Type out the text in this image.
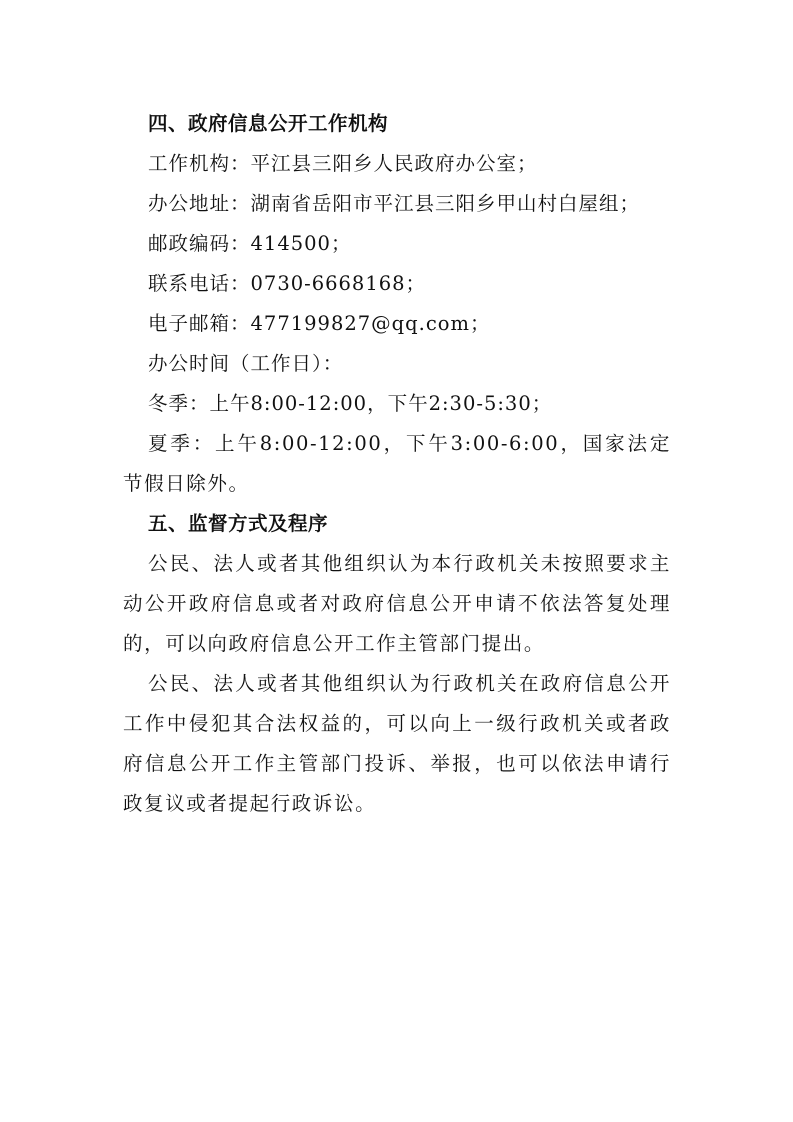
四、政府信息公开工作机构
工作机构：平江县三阳乡人民政府办公室；
办公地址：湖南省岳阳市平江县三阳乡甲山村白屋组；
邮政编码：414500；
联系电话：0730-6668168；
电子邮箱：477199827@qq.com；
办公时间（工作日）：
冬季：上午8:00-12:00，下午2:30-5:30；
夏季：上午8:00-12:00，下午3:00-6:00，国家法定节假日除外。
五、监督方式及程序
公民、法人或者其他组织认为本行政机关未按照要求主动公开政府信息或者对政府信息公开申请不依法答复处理的，可以向政府信息公开工作主管部门提出。
公民、法人或者其他组织认为行政机关在政府信息公开工作中侵犯其合法权益的，可以向上一级行政机关或者政府信息公开工作主管部门投诉、举报，也可以依法申请行政复议或者提起行政诉讼。
